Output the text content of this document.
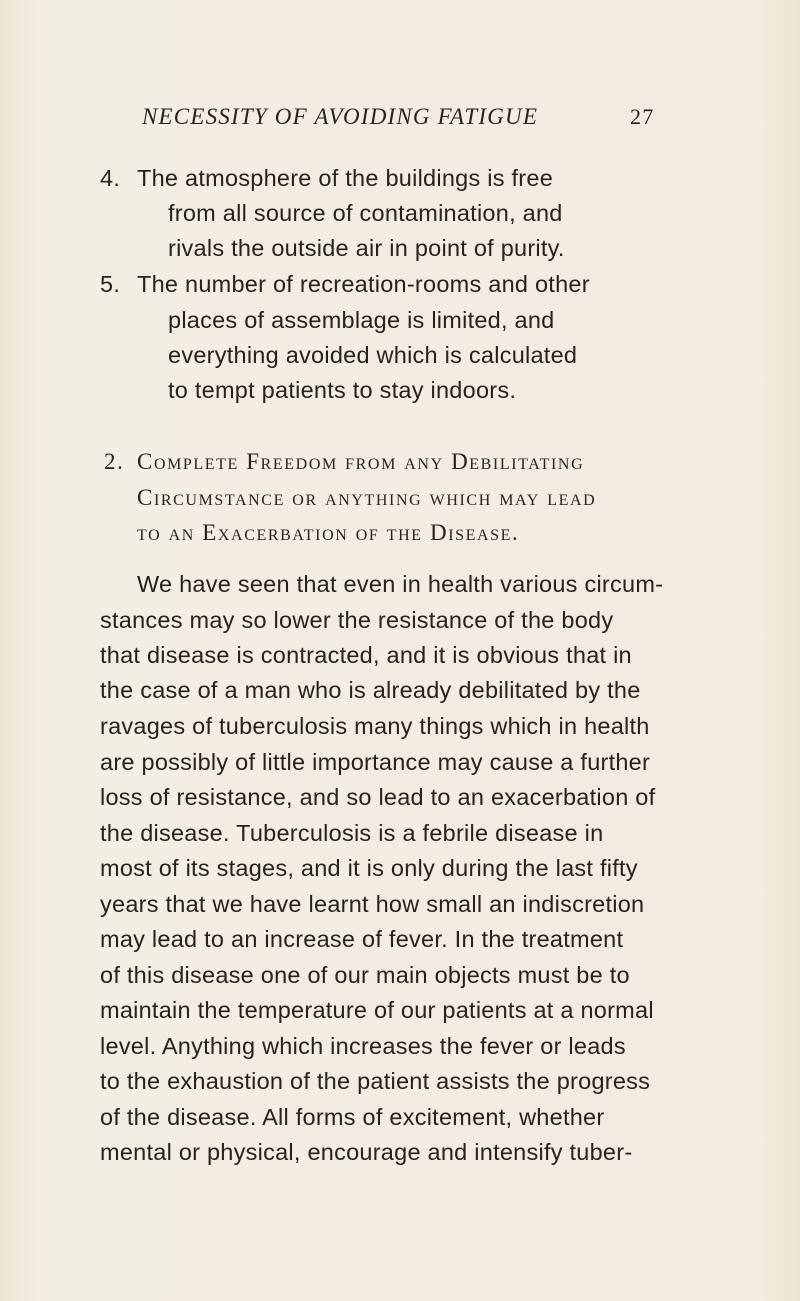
NECESSITY OF AVOIDING FATIGUE	27
4. The atmosphere of the buildings is free
from all source of contamination, and
rivals the outside air in point of purity.
5. The number of recreation-rooms and other
places of assemblage is limited, and
everything avoided which is calculated
to tempt patients to stay indoors.
2. Complete Freedom from any Debilitating
Circumstance or anything which may lead
to an Exacerbation of the Disease.
We have seen that even in health various circum-
stances may so lower the resistance of the body
that disease is contracted, and it is obvious that in
the case of a man who is already debilitated by the
ravages of tuberculosis many things which in health
are possibly of little importance may cause a further
loss of resistance, and so lead to an exacerbation of
the disease. Tuberculosis is a febrile disease in
most of its stages, and it is only during the last fifty
years that we have learnt how small an indiscretion
may lead to an increase of fever. In the treatment
of this disease one of our main objects must be to
maintain the temperature of our patients at a normal
level. Anything which increases the fever or leads
to the exhaustion of the patient assists the progress
of the disease. All forms of excitement, whether
mental or physical, encourage and intensify tuber-
